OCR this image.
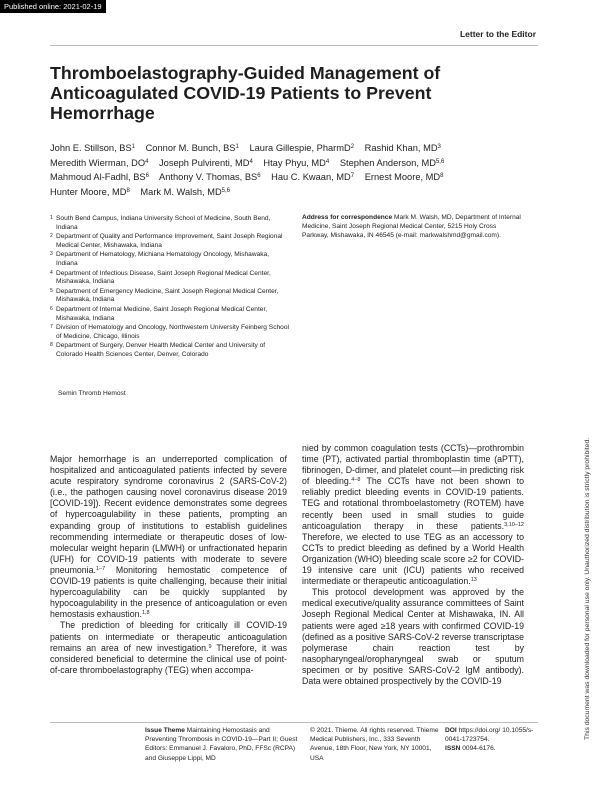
Published online: 2021-02-19
Letter to the Editor
Thromboelastography-Guided Management of Anticoagulated COVID-19 Patients to Prevent Hemorrhage
John E. Stillson, $BS^1$ Connor M. Bunch, $BS^1$ Laura Gillespie, PharmD$^2$ Rashid Khan, $MD^3$ Meredith Wierman, $DO^4$ Joseph Pulvirenti, $MD^4$ Htay Phyu, $MD^4$ Stephen Anderson, MD$^{5,6}$ Mahmoud Al-Fadhl, $BS^6$ Anthony V. Thomas, $BS^6$ Hau C. Kwaan, $MD^7$ Ernest Moore, $MD^8$ Hunter Moore, $MD^8$ Mark M. Walsh, MD$^{5,6}$
1 South Bend Campus, Indiana University School of Medicine, South Bend, Indiana
2 Department of Quality and Performance Improvement, Saint Joseph Regional Medical Center, Mishawaka, Indiana
3 Department of Hematology, Michiana Hematology Oncology, Mishawaka, Indiana
4 Department of Infectious Disease, Saint Joseph Regional Medical Center, Mishawaka, Indiana
5 Department of Emergency Medicine, Saint Joseph Regional Medical Center, Mishawaka, Indiana
6 Department of Internal Medicine, Saint Joseph Regional Medical Center, Mishawaka, Indiana
7 Division of Hematology and Oncology, Northwestern University Feinberg School of Medicine, Chicago, Illinois
8 Department of Surgery, Denver Health Medical Center and University of Colorado Health Sciences Center, Denver, Colorado
Semin Thromb Hemost
Address for correspondence Mark M. Walsh, MD, Department of Internal Medicine, Saint Joseph Regional Medical Center, 5215 Holy Cross Parkway, Mishawaka, IN 46545 (e-mail: markwalshmd@gmail.com).

Major hemorrhage is an underreported complication of hospitalized and anticoagulated patients infected by severe acute respiratory syndrome coronavirus 2 (SARS-CoV-2) (i.e., the pathogen causing novel coronavirus disease 2019 [COVID-19]). Recent evidence demonstrates some degrees of hypercoagulability in these patients, prompting an expanding group of institutions to establish guidelines recommending intermediate or therapeutic doses of low-molecular weight heparin (LMWH) or unfractionated heparin (UFH) for COVID-19 patients with moderate to severe pneumonia.$^{1-7}$ Monitoring hemostatic competence of COVID-19 patients is quite challenging, because their initial hypercoagulability can be quickly supplanted by hypocoagulability in the presence of anticoagulation or even hemostasis exhaustion.$^{1,8}$

The prediction of bleeding for critically ill COVID-19 patients on intermediate or therapeutic anticoagulation remains an area of new investigation.$^9$ Therefore, it was considered beneficial to determine the clinical use of point-of-care thromboelastography (TEG) when accompa-

nied by common coagulation tests (CCTs)—prothrombin time (PT), activated partial thromboplastin time (aPTT), fibrinogen, D-dimer, and platelet count—in predicting risk of bleeding.$^{4-8}$ The CCTs have not been shown to reliably predict bleeding events in COVID-19 patients. TEG and rotational thromboelastometry (ROTEM) have recently been used in small studies to guide anticoagulation therapy in these patients.$^{3,10-12}$ Therefore, we elected to use TEG as an accessory to CCTs to predict bleeding as defined by a World Health Organization (WHO) bleeding scale score ≥2 for COVID-19 intensive care unit (ICU) patients who received intermediate or therapeutic anticoagulation.$^{13}$

This protocol development was approved by the medical executive/quality assurance committees of Saint Joseph Regional Medical Center at Mishawaka, IN. All patients were aged ≥18 years with confirmed COVID-19 (defined as a positive SARS-CoV-2 reverse transcriptase polymerase chain reaction test by nasopharyngeal/oropharyngeal swab or sputum specimen or by positive SARS-CoV-2 IgM antibody). Data were obtained prospectively by the COVID-19

Issue Theme Maintaining Hemostasis and Preventing Thrombosis in COVID-19—Part II; Guest Editors: Emmanuel J. Favaloro, PhD, FFSc (RCPA) and Giuseppe Lippi, MD
© 2021. Thieme. All rights reserved. Thieme Medical Publishers, Inc., 333 Seventh Avenue, 18th Floor, New York, NY 10001, USA
DOI https://doi.org/ 10.1055/s-0041-1723754.
ISSN 0094-6176.
This document was downloaded for personal use only. Unauthorized distribution is strictly prohibited.
